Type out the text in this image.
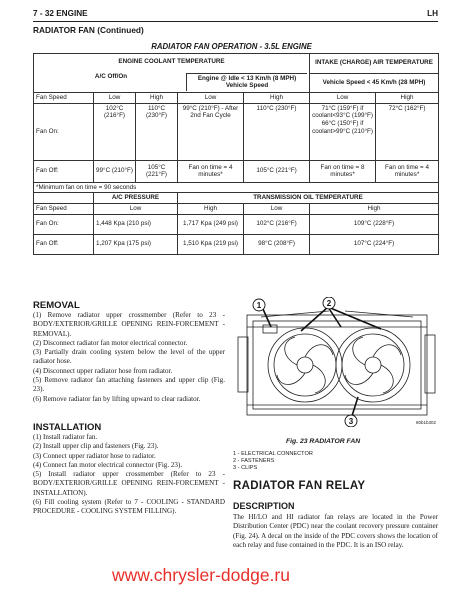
7 - 32 ENGINE	LH
RADIATOR FAN (Continued)
RADIATOR FAN OPERATION - 3.5L ENGINE
ENGINE COOLANT TEMPERATURE
A/C Off/On Engine @ Idle < 13 Km/h (8 MPH) Vehicle Speed					INTAKE (CHARGE) AIR TEMPERATURE	
					Vehicle Speed < 45 Km/h (28 MPH)	
Fan Speed	Low	High	Low	High	Low	High
Fan On:	102°C (216°F)	110°C (230°F)	99°C (210°F) - After 2nd Fan Cycle	110°C (230°F)	71°C (159°F) if coolant<93°C (199°F) 66°C (150°F) if coolant>99°C (210°F)	72°C (162°F)
Fan Off:	99°C (210°F)	105°C (221°F)	Fan on time = 4 minutes*	105°C (221°F)	Fan on time = 8 minutes*	Fan on time = 4 minutes*
*Minimum fan on time = 90 seconds						
	A/C PRESSURE		TRANSMISSION OIL TEMPERATURE			
Fan Speed	Low		High	Low	High	
Fan On:	1,448 Kpa (210 psi)		1,717 Kpa (249 psi)	102°C (216°F)	109°C (228°F)	
Fan Off:	1,207 Kpa (175 psi)		1,510 Kpa (219 psi)	98°C (208°F)	107°C (224°F)	
REMOVAL

(1) Remove radiator upper crossmember (Refer to 23 - BODY/EXTERIOR/GRILLE OPENING REIN-FORCEMENT - REMOVAL).

(2) Disconnect radiator fan motor electrical connector.

(3) Partially drain cooling system below the level of the upper radiator hose.

(4) Disconnect upper radiator hose from radiator.

(5) Remove radiator fan attaching fasteners and upper clip (Fig. 23).

(6) Remove radiator fan by lifting upward to clear radiator.

INSTALLATION

(1) Install radiator fan.

(2) Install upper clip and fasteners (Fig. 23).

(3) Connect upper radiator hose to radiator.

(4) Connect fan motor electrical connector (Fig. 23).

(5) Install radiator upper crossmember (Refer to 23 - BODY/EXTERIOR/GRILLE OPENING REIN-FORCEMENT - INSTALLATION).

(6) Fill cooling system (Refer to 7 - COOLING - STANDARD PROCEDURE - COOLING SYSTEM FILLING).

1	2
3	80b1b302
Fig. 23 RADIATOR FAN

1 - ELECTRICAL CONNECTOR

2 - FASTENERS

3 - CLIPS

RADIATOR FAN RELAY
DESCRIPTION

The HI/LO and HI radiator fan relays are located in the Power Distribution Center (PDC) near the coolant recovery pressure container (Fig. 24). A decal on the inside of the PDC covers shows the location of each relay and fuse contained in the PDC. It is an ISO relay.

www.chrysler-dodge.ru
